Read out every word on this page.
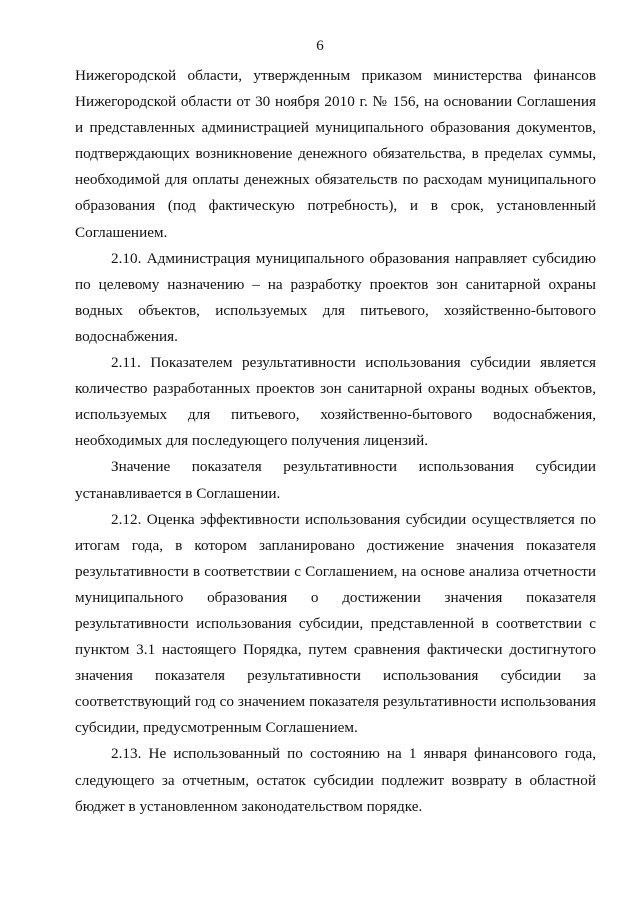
6

Нижегородской области, утвержденным приказом министерства финансов Нижегородской области от 30 ноября 2010 г. № 156, на основании Соглашения и представленных администрацией муниципального образования документов, подтверждающих возникновение денежного обязательства, в пределах суммы, необходимой для оплаты денежных обязательств по расходам муниципального образования (под фактическую потребность), и в срок, установленный Соглашением.

2.10. Администрация муниципального образования направляет субсидию по целевому назначению – на разработку проектов зон санитарной охраны водных объектов, используемых для питьевого, хозяйственно-бытового водоснабжения.

2.11. Показателем результативности использования субсидии является количество разработанных проектов зон санитарной охраны водных объектов, используемых для питьевого, хозяйственно-бытового водоснабжения, необходимых для последующего получения лицензий.

Значение показателя результативности использования субсидии устанавливается в Соглашении.

2.12. Оценка эффективности использования субсидии осуществляется по итогам года, в котором запланировано достижение значения показателя результативности в соответствии с Соглашением, на основе анализа отчетности муниципального образования о достижении значения показателя результативности использования субсидии, представленной в соответствии с пунктом 3.1 настоящего Порядка, путем сравнения фактически достигнутого значения показателя результативности использования субсидии за соответствующий год со значением показателя результативности использования субсидии, предусмотренным Соглашением.

2.13. Не использованный по состоянию на 1 января финансового года, следующего за отчетным, остаток субсидии подлежит возврату в областной бюджет в установленном законодательством порядке.
